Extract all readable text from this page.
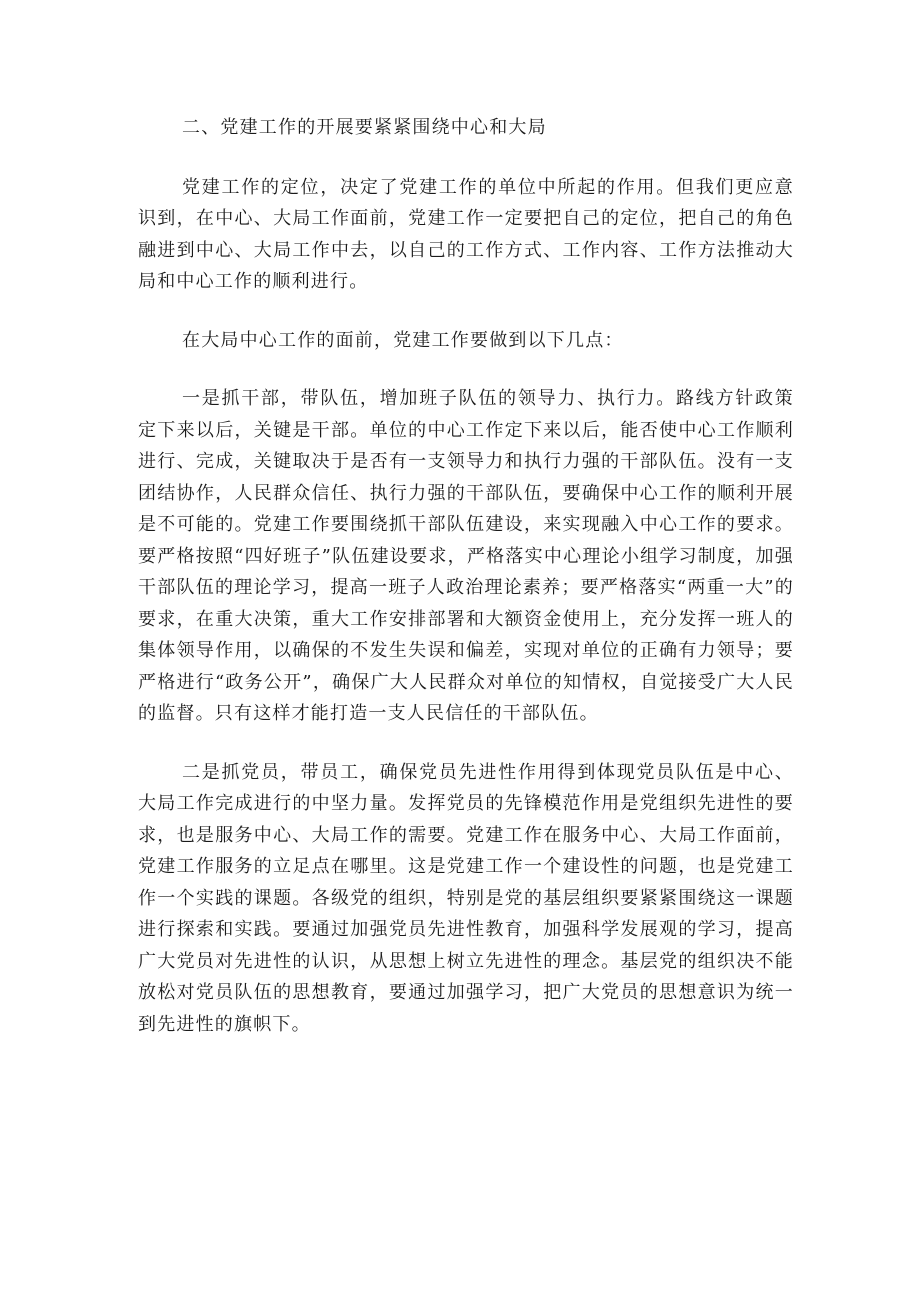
二、党建工作的开展要紧紧围绕中心和大局

党建工作的定位，决定了党建工作的单位中所起的作用。但我们更应意识到，在中心、大局工作面前，党建工作一定要把自己的定位，把自己的角色融进到中心、大局工作中去，以自己的工作方式、工作内容、工作方法推动大局和中心工作的顺利进行。

在大局中心工作的面前，党建工作要做到以下几点：

一是抓干部，带队伍，增加班子队伍的领导力、执行力。路线方针政策定下来以后，关键是干部。单位的中心工作定下来以后，能否使中心工作顺利进行、完成，关键取决于是否有一支领导力和执行力强的干部队伍。没有一支团结协作，人民群众信任、执行力强的干部队伍，要确保中心工作的顺利开展是不可能的。党建工作要围绕抓干部队伍建设，来实现融入中心工作的要求。要严格按照“四好班子”队伍建设要求，严格落实中心理论小组学习制度，加强干部队伍的理论学习，提高一班子人政治理论素养；要严格落实“两重一大”的要求，在重大决策，重大工作安排部署和大额资金使用上，充分发挥一班人的集体领导作用，以确保的不发生失误和偏差，实现对单位的正确有力领导；要严格进行“政务公开”，确保广大人民群众对单位的知情权，自觉接受广大人民的监督。只有这样才能打造一支人民信任的干部队伍。

二是抓党员，带员工，确保党员先进性作用得到体现党员队伍是中心、大局工作完成进行的中坚力量。发挥党员的先锋模范作用是党组织先进性的要求，也是服务中心、大局工作的需要。党建工作在服务中心、大局工作面前，党建工作服务的立足点在哪里。这是党建工作一个建设性的问题，也是党建工作一个实践的课题。各级党的组织，特别是党的基层组织要紧紧围绕这一课题进行探索和实践。要通过加强党员先进性教育，加强科学发展观的学习，提高广大党员对先进性的认识，从思想上树立先进性的理念。基层党的组织决不能放松对党员队伍的思想教育，要通过加强学习，把广大党员的思想意识为统一到先进性的旗帜下。
